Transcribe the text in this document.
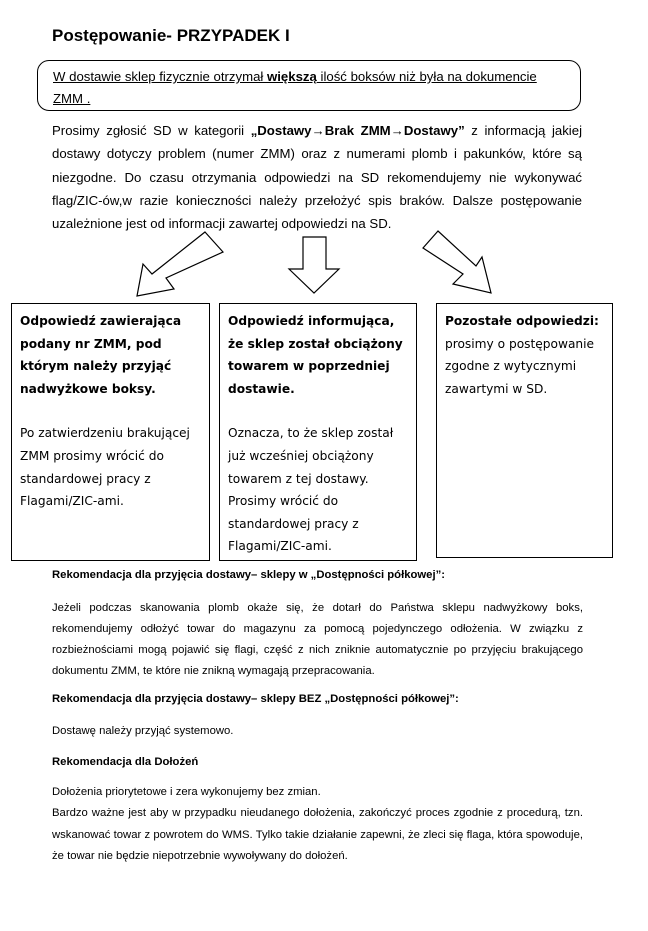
Postępowanie- PRZYPADEK I
W dostawie sklep fizycznie otrzymał większą ilość boksów niż była na dokumencie
ZMM .
Prosimy zgłosić SD w kategorii „Dostawy→Brak ZMM→Dostawy” z informacją jakiej dostawy dotyczy problem (numer ZMM) oraz z numerami plomb i pakunków, które są niezgodne. Do czasu otrzymania odpowiedzi na SD rekomendujemy nie wykonywać flag/ZIC-ów,w razie konieczności należy przełożyć spis braków. Dalsze postępowanie uzależnione jest od informacji zawartej odpowiedzi na SD.

Odpowiedź zawierająca podany nr ZMM, pod którym należy przyjąć nadwyżkowe boksy.

Po zatwierdzeniu brakującej ZMM prosimy wrócić do standardowej pracy z Flagami/ZIC-ami.

Odpowiedź informująca, że sklep został obciążony towarem w poprzedniej dostawie.

Oznacza, to że sklep został już wcześniej obciążony towarem z tej dostawy. Prosimy wrócić do standardowej pracy z Flagami/ZIC-ami.

Pozostałe odpowiedzi:

prosimy o postępowanie zgodne z wytycznymi zawartymi w SD.

Rekomendacja dla przyjęcia dostawy– sklepy w „Dostępności półkowej”:
Jeżeli podczas skanowania plomb okaże się, że dotarł do Państwa sklepu nadwyżkowy boks, rekomendujemy odłożyć towar do magazynu za pomocą pojedynczego odłożenia. W związku z rozbieżnościami mogą pojawić się flagi, część z nich zniknie automatycznie po przyjęciu brakującego dokumentu ZMM, te które nie znikną wymagają przepracowania.
Rekomendacja dla przyjęcia dostawy– sklepy BEZ „Dostępności półkowej”:
Dostawę należy przyjąć systemowo.
Rekomendacja dla Dołożeń
Dołożenia priorytetowe i zera wykonujemy bez zmian.
Bardzo ważne jest aby w przypadku nieudanego dołożenia, zakończyć proces zgodnie z procedurą, tzn. wskanować towar z powrotem do WMS. Tylko takie działanie zapewni, że zleci się flaga, która spowoduje, że towar nie będzie niepotrzebnie wywoływany do dołożeń.
